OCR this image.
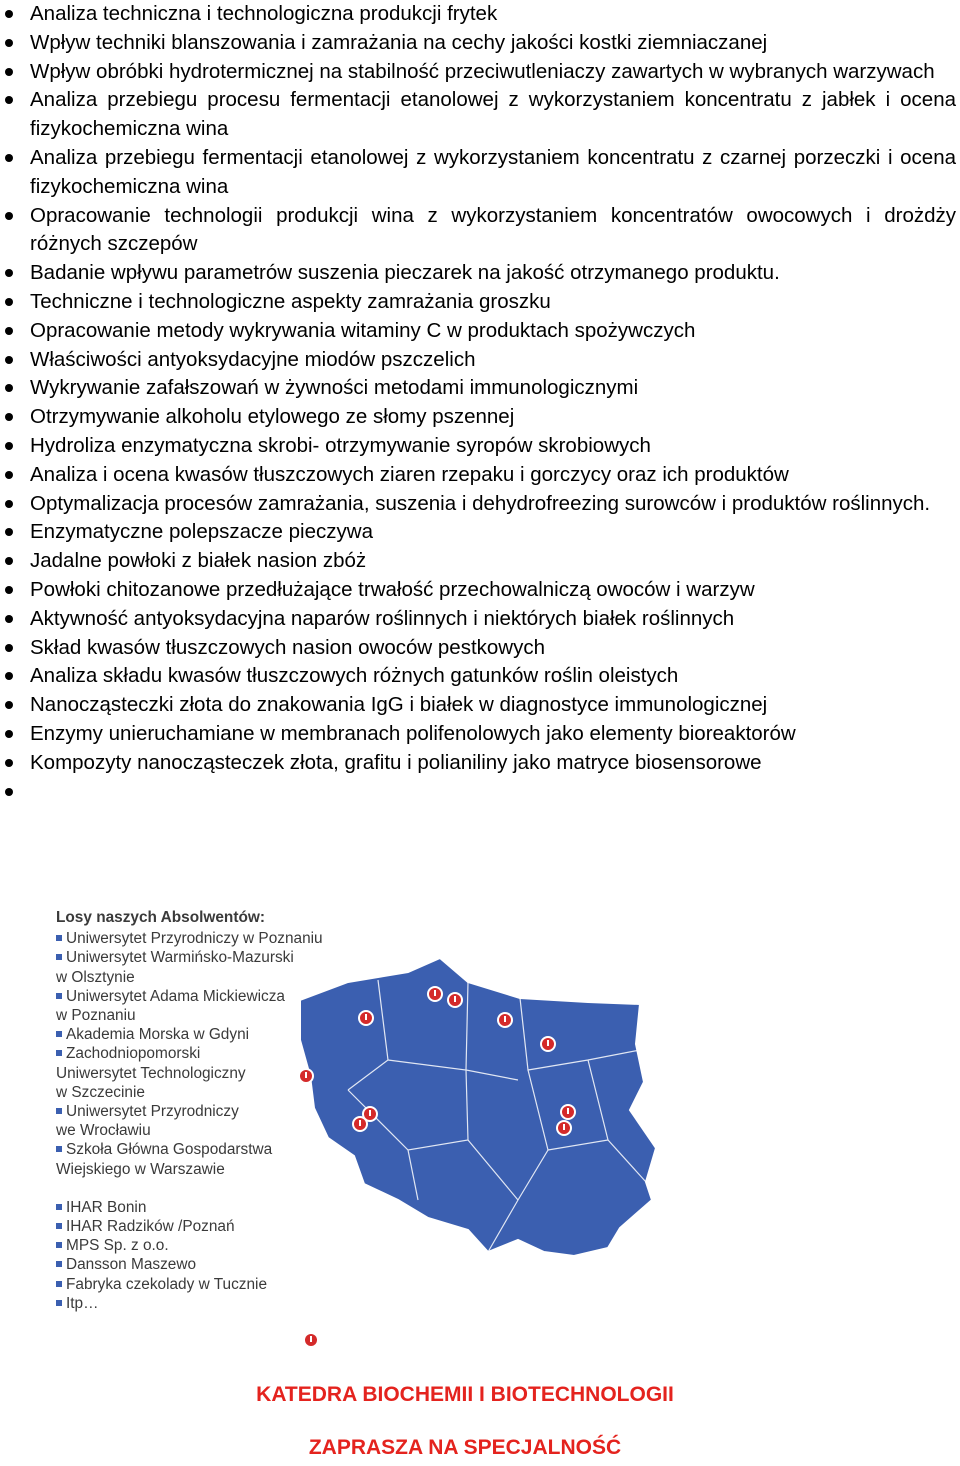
Analiza techniczna i technologiczna produkcji frytek
Wpływ techniki blanszowania i zamrażania na cechy jakości kostki ziemniaczanej
Wpływ obróbki hydrotermicznej na stabilność przeciwutleniaczy zawartych w wybranych warzywach
Analiza przebiegu procesu fermentacji etanolowej z wykorzystaniem koncentratu z jabłek i ocena fizykochemiczna wina
Analiza przebiegu fermentacji etanolowej z wykorzystaniem koncentratu z czarnej porzeczki i ocena fizykochemiczna wina
Opracowanie technologii produkcji wina z wykorzystaniem koncentratów owocowych i drożdży różnych szczepów
Badanie wpływu parametrów suszenia pieczarek na jakość otrzymanego produktu.
Techniczne i technologiczne aspekty zamrażania groszku
Opracowanie metody wykrywania witaminy C w produktach spożywczych
Właściwości antyoksydacyjne miodów pszczelich
Wykrywanie zafałszowań w żywności metodami immunologicznymi
Otrzymywanie alkoholu etylowego ze słomy pszennej
Hydroliza enzymatyczna skrobi- otrzymywanie syropów skrobiowych
Analiza i ocena kwasów tłuszczowych ziaren rzepaku i gorczycy oraz ich produktów
Optymalizacja procesów zamrażania, suszenia i dehydrofreezing surowców i produktów roślinnych.
Enzymatyczne polepszacze pieczywa
Jadalne powłoki z białek nasion zbóż
Powłoki chitozanowe przedłużające trwałość przechowalniczą owoców i warzyw
Aktywność antyoksydacyjna naparów roślinnych i niektórych białek roślinnych
Skład kwasów tłuszczowych nasion owoców pestkowych
Analiza składu kwasów tłuszczowych różnych gatunków roślin oleistych
Nanocząsteczki złota do znakowania IgG i białek w diagnostyce immunologicznej
Enzymy unieruchamiane w membranach polifenolowych jako elementy bioreaktorów
Kompozyty nanocząsteczek złota, grafitu i polianiliny jako matryce biosensorowe
Losy naszych Absolwentów:
Uniwersytet Przyrodniczy w Poznaniu
Uniwersytet Warmińsko-Mazurski
w Olsztynie
Uniwersytet Adama Mickiewicza
w Poznaniu
Akademia Morska w Gdyni
Zachodniopomorski
Uniwersytet Technologiczny
w Szczecinie
Uniwersytet Przyrodniczy
we Wrocławiu
Szkoła Główna Gospodarstwa
Wiejskiego w Warszawie
IHAR Bonin
IHAR Radzików /Poznań
MPS Sp. z o.o.
Dansson Maszewo
Fabryka czekolady w Tucznie
Itp…
KATEDRA BIOCHEMII I BIOTECHNOLOGII
ZAPRASZA NA SPECJALNOŚĆ
